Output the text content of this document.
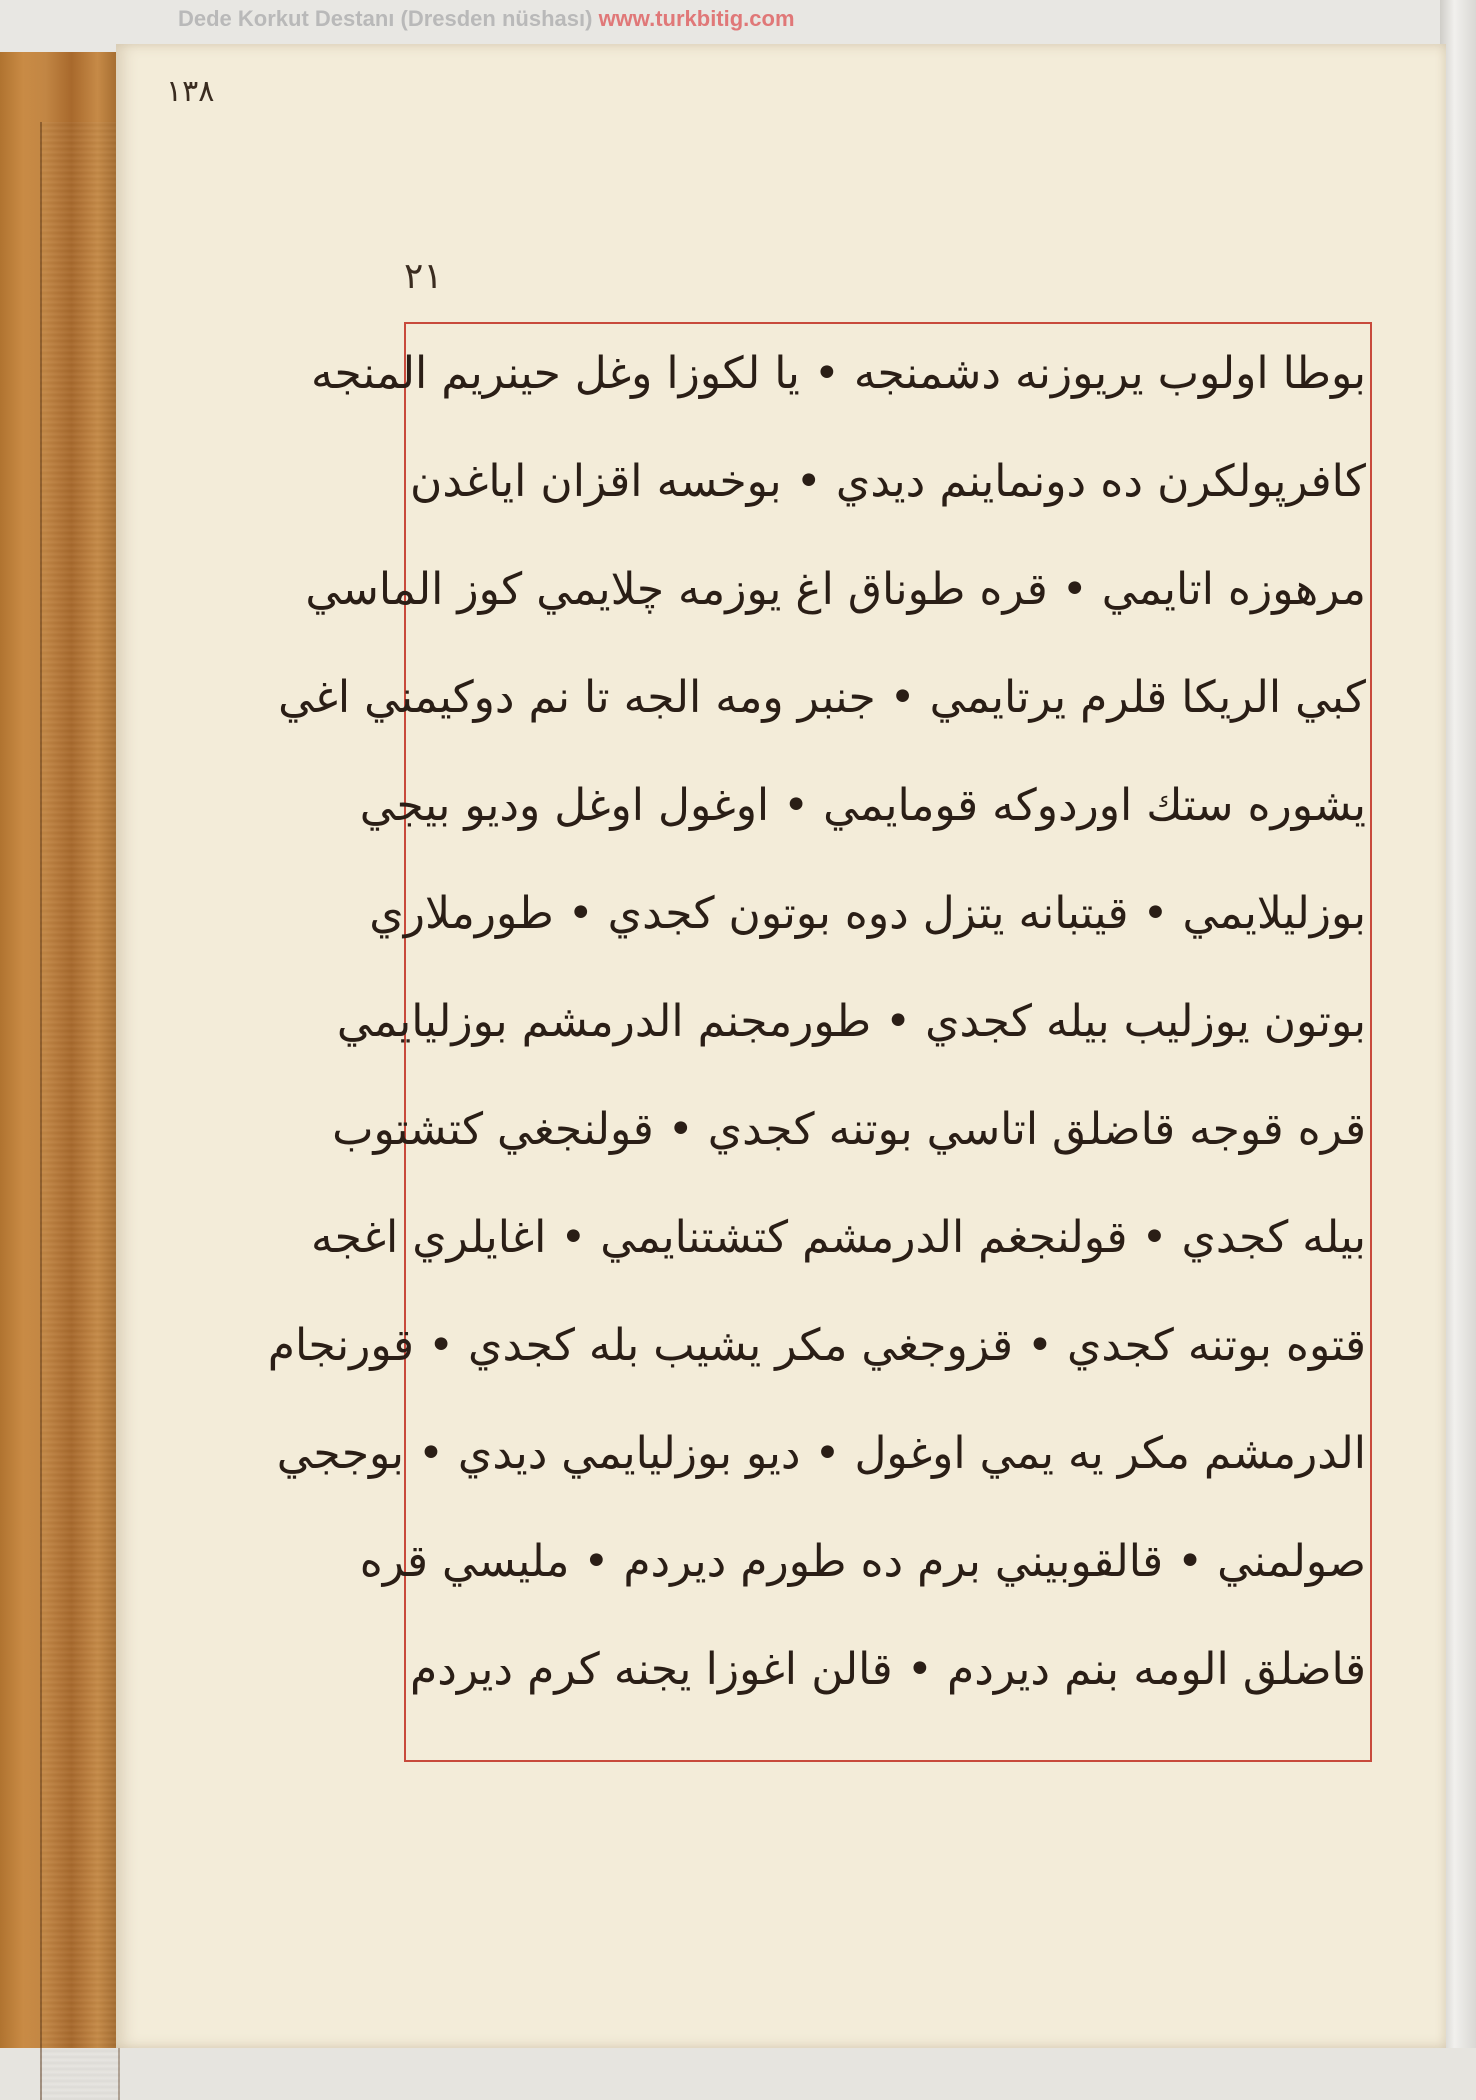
Dede Korkut Destanı (Dresden nüshası) www.turkbitig.com
١٣٨
٢١
بوطا اولوب يريوزنه دشمنجه • يا لكوزا وغل حينريم المنجه
كافرپولكرن ده دونماينم ديدي • بوخسه اقزان اياغدن
مرهوزه اتايمي • قره طوناق اغ يوزمه چلايمي كوز الماسي
كبي الريكا قلرم يرتايمي • جنبر ومه الجه تا نم دوكيمني اغي
يشوره ستك اوردوكه قومايمي • اوغول اوغل وديو بيجي
بوزليلايمي • قيتبانه يتزل دوه بوتون كجدي • طورملاري
بوتون يوزليب بيله كجدي • طورمجنم الدرمشم بوزليايمي
قره قوجه قاضلق اتاسي بوتنه كجدي • قولنجغي كتشتوب
بيله كجدي • قولنجغم الدرمشم كتشتنايمي • اغايلري اغجه
قتوه بوتنه كجدي • قزوجغي مكر يشيب بله كجدي • قورنجام
الدرمشم مكر يه يمي اوغول • ديو بوزليايمي ديدي • بوججي
صولمني • قالقوبيني برم ده طورم ديردم • مليسي قره
قاضلق الومه بنم ديردم • قالن اغوزا يجنه كرم ديردم
